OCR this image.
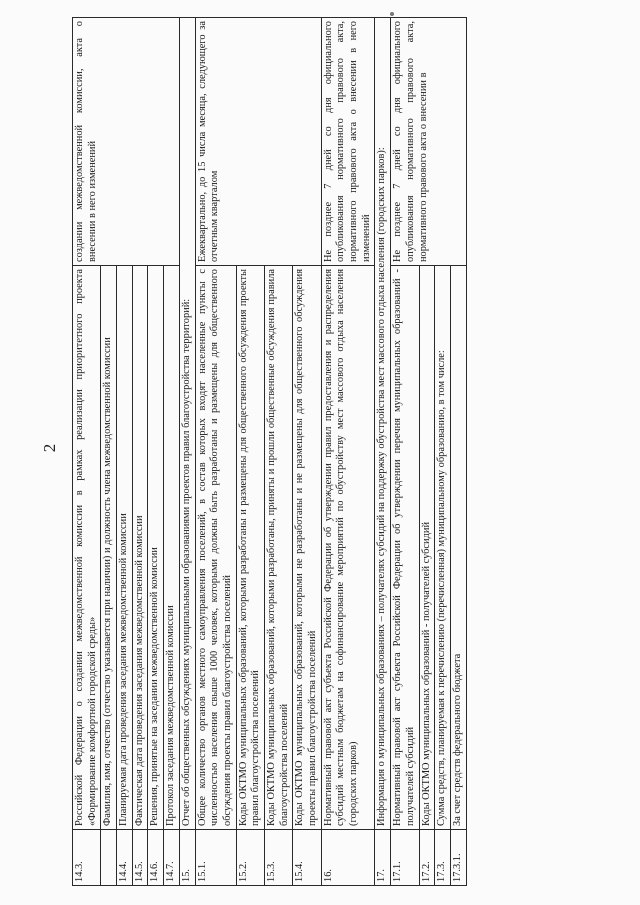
2
14.3.	Российской Федерации о создании межведомственной комиссии в рамках реализации приоритетного проекта «Формирование комфортной городской среды»	создании межведомственной комиссии, акта о внесении в него изменений
	Фамилия, имя, отчество (отчество указывается при наличии) и должность члена межведомственной комиссии	
14.4.	Планируемая дата проведения заседания межведомственной комиссии	
14.5.	Фактическая дата проведения заседания межведомственной комиссии	
14.6.	Решения, принятые на заседании межведомственной комиссии	
14.7.	Протокол заседания межведомственной комиссии	
15.	Отчет об общественных обсуждениях муниципальными образованиями проектов правил благоустройства территорий:	
15.1.	Общее количество органов местного самоуправления поселений, в состав которых входят населенные пункты с численностью населения свыше 1000 человек, которыми должны быть разработаны и размещены для общественного обсуждения проекты правил благоустройства поселений	Ежеквартально, до 15 числа месяца, следующего за отчетным кварталом
15.2.	Коды ОКТМО муниципальных образований, которыми разработаны и размещены для общественного обсуждения проекты правил благоустройства поселений	
15.3.	Коды ОКТМО муниципальных образований, которыми разработаны, приняты и прошли общественные обсуждения правила благоустройства поселений	
15.4.	Коды ОКТМО муниципальных образований, которыми не разработаны и не размещены для общественного обсуждения проекты правил благоустройства поселений	
16.	Нормативный правовой акт субъекта Российской Федерации об утверждении правил предоставления и распределения субсидий местным бюджетам на софинансирование мероприятий по обустройству мест массового отдыха населения (городских парков)	Не позднее 7 дней со дня официального опубликования нормативного правового акта, нормативного правового акта о внесении в него изменений
17.	Информация о муниципальных образованиях – получателях субсидий на поддержку обустройства мест массового отдыха населения (городских парков):	
17.1.	Нормативный правовой акт субъекта Российской Федерации об утверждении перечня муниципальных образований - получателей субсидий	Не позднее 7 дней со дня официального опубликования нормативного правового акта, нормативного правового акта о внесении в
17.2.	Коды ОКТМО муниципальных образований - получателей субсидий	
17.3.	Сумма средств, планируемая к перечислению (перечисленная) муниципальному образованию, в том числе:	
17.3.1.	За счет средств федерального бюджета	
